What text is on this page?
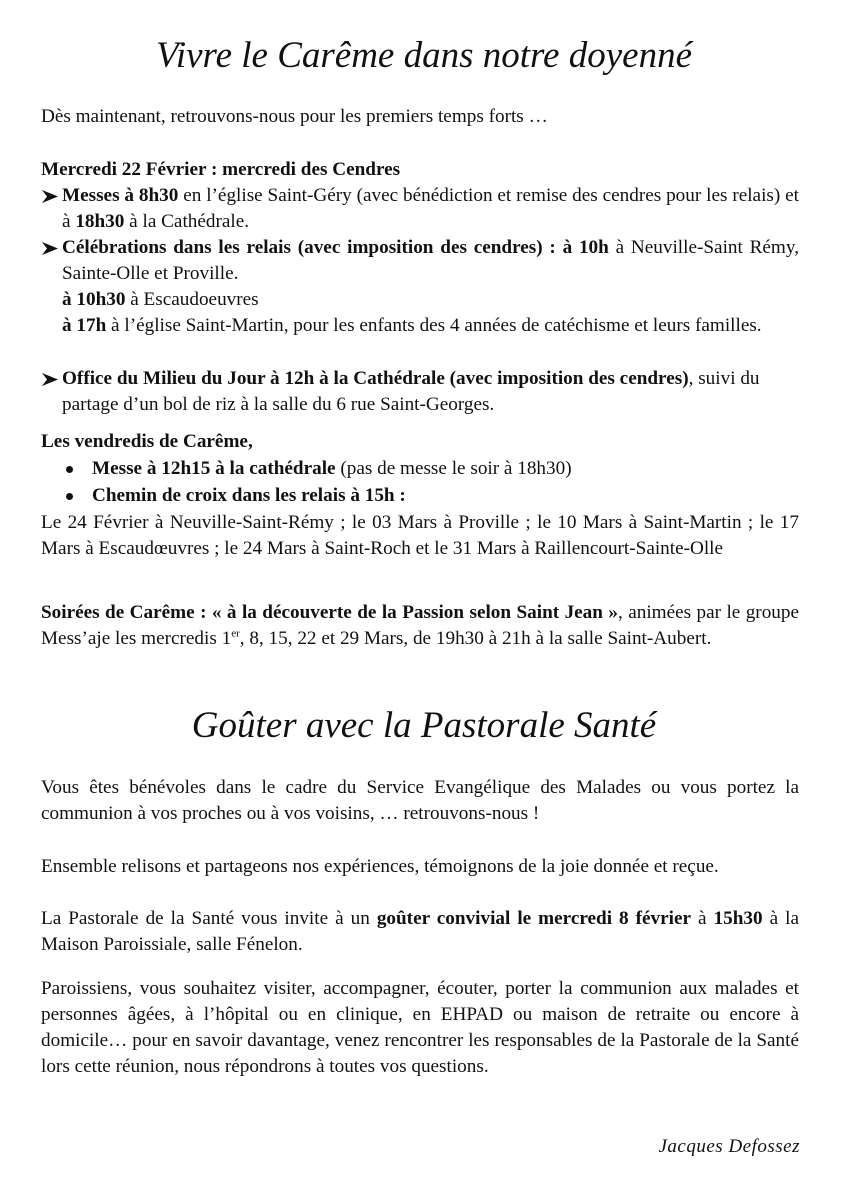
Vivre le Carême dans notre doyenné

Dès maintenant, retrouvons-nous pour les premiers temps forts …

Mercredi 22 Février : mercredi des Cendres

Messes à 8h30 en l’église Saint-Géry (avec bénédiction et remise des cendres pour les relais) et à 18h30 à la Cathédrale.
Célébrations dans les relais (avec imposition des cendres) : à 10h à Neuville-Saint Rémy, Sainte-Olle et Proville.
à 10h30 à Escaudoeuvres
à 17h à l’église Saint-Martin, pour les enfants des 4 années de catéchisme et leurs familles.
Office du Milieu du Jour à 12h à la Cathédrale (avec imposition des cendres), suivi du partage d’un bol de riz à la salle du 6 rue Saint-Georges.

Les vendredis de Carême,

Messe à 12h15 à la cathédrale (pas de messe le soir à 18h30)
Chemin de croix dans les relais à 15h :

Le 24 Février à Neuville-Saint-Rémy ; le 03 Mars à Proville ; le 10 Mars à Saint-Martin ; le 17 Mars à Escaudœuvres ; le 24 Mars à Saint-Roch et le 31 Mars à Raillencourt-Sainte-Olle

Soirées de Carême : « à la découverte de la Passion selon Saint Jean », animées par le groupe Mess’aje les mercredis 1er, 8, 15, 22 et 29 Mars, de 19h30 à 21h à la salle Saint-Aubert.

Goûter avec la Pastorale Santé

Vous êtes bénévoles dans le cadre du Service Evangélique des Malades ou vous portez la communion à vos proches ou à vos voisins, … retrouvons-nous !

Ensemble relisons et partageons nos expériences, témoignons de la joie donnée et reçue.

La Pastorale de la Santé vous invite à un goûter convivial le mercredi 8 février à 15h30 à la Maison Paroissiale, salle Fénelon.

Paroissiens, vous souhaitez visiter, accompagner, écouter, porter la communion aux malades et personnes âgées, à l’hôpital ou en clinique, en EHPAD ou maison de retraite ou encore à domicile… pour en savoir davantage, venez rencontrer les responsables de la Pastorale de la Santé lors cette réunion, nous répondrons à toutes vos questions.

Jacques Defossez
